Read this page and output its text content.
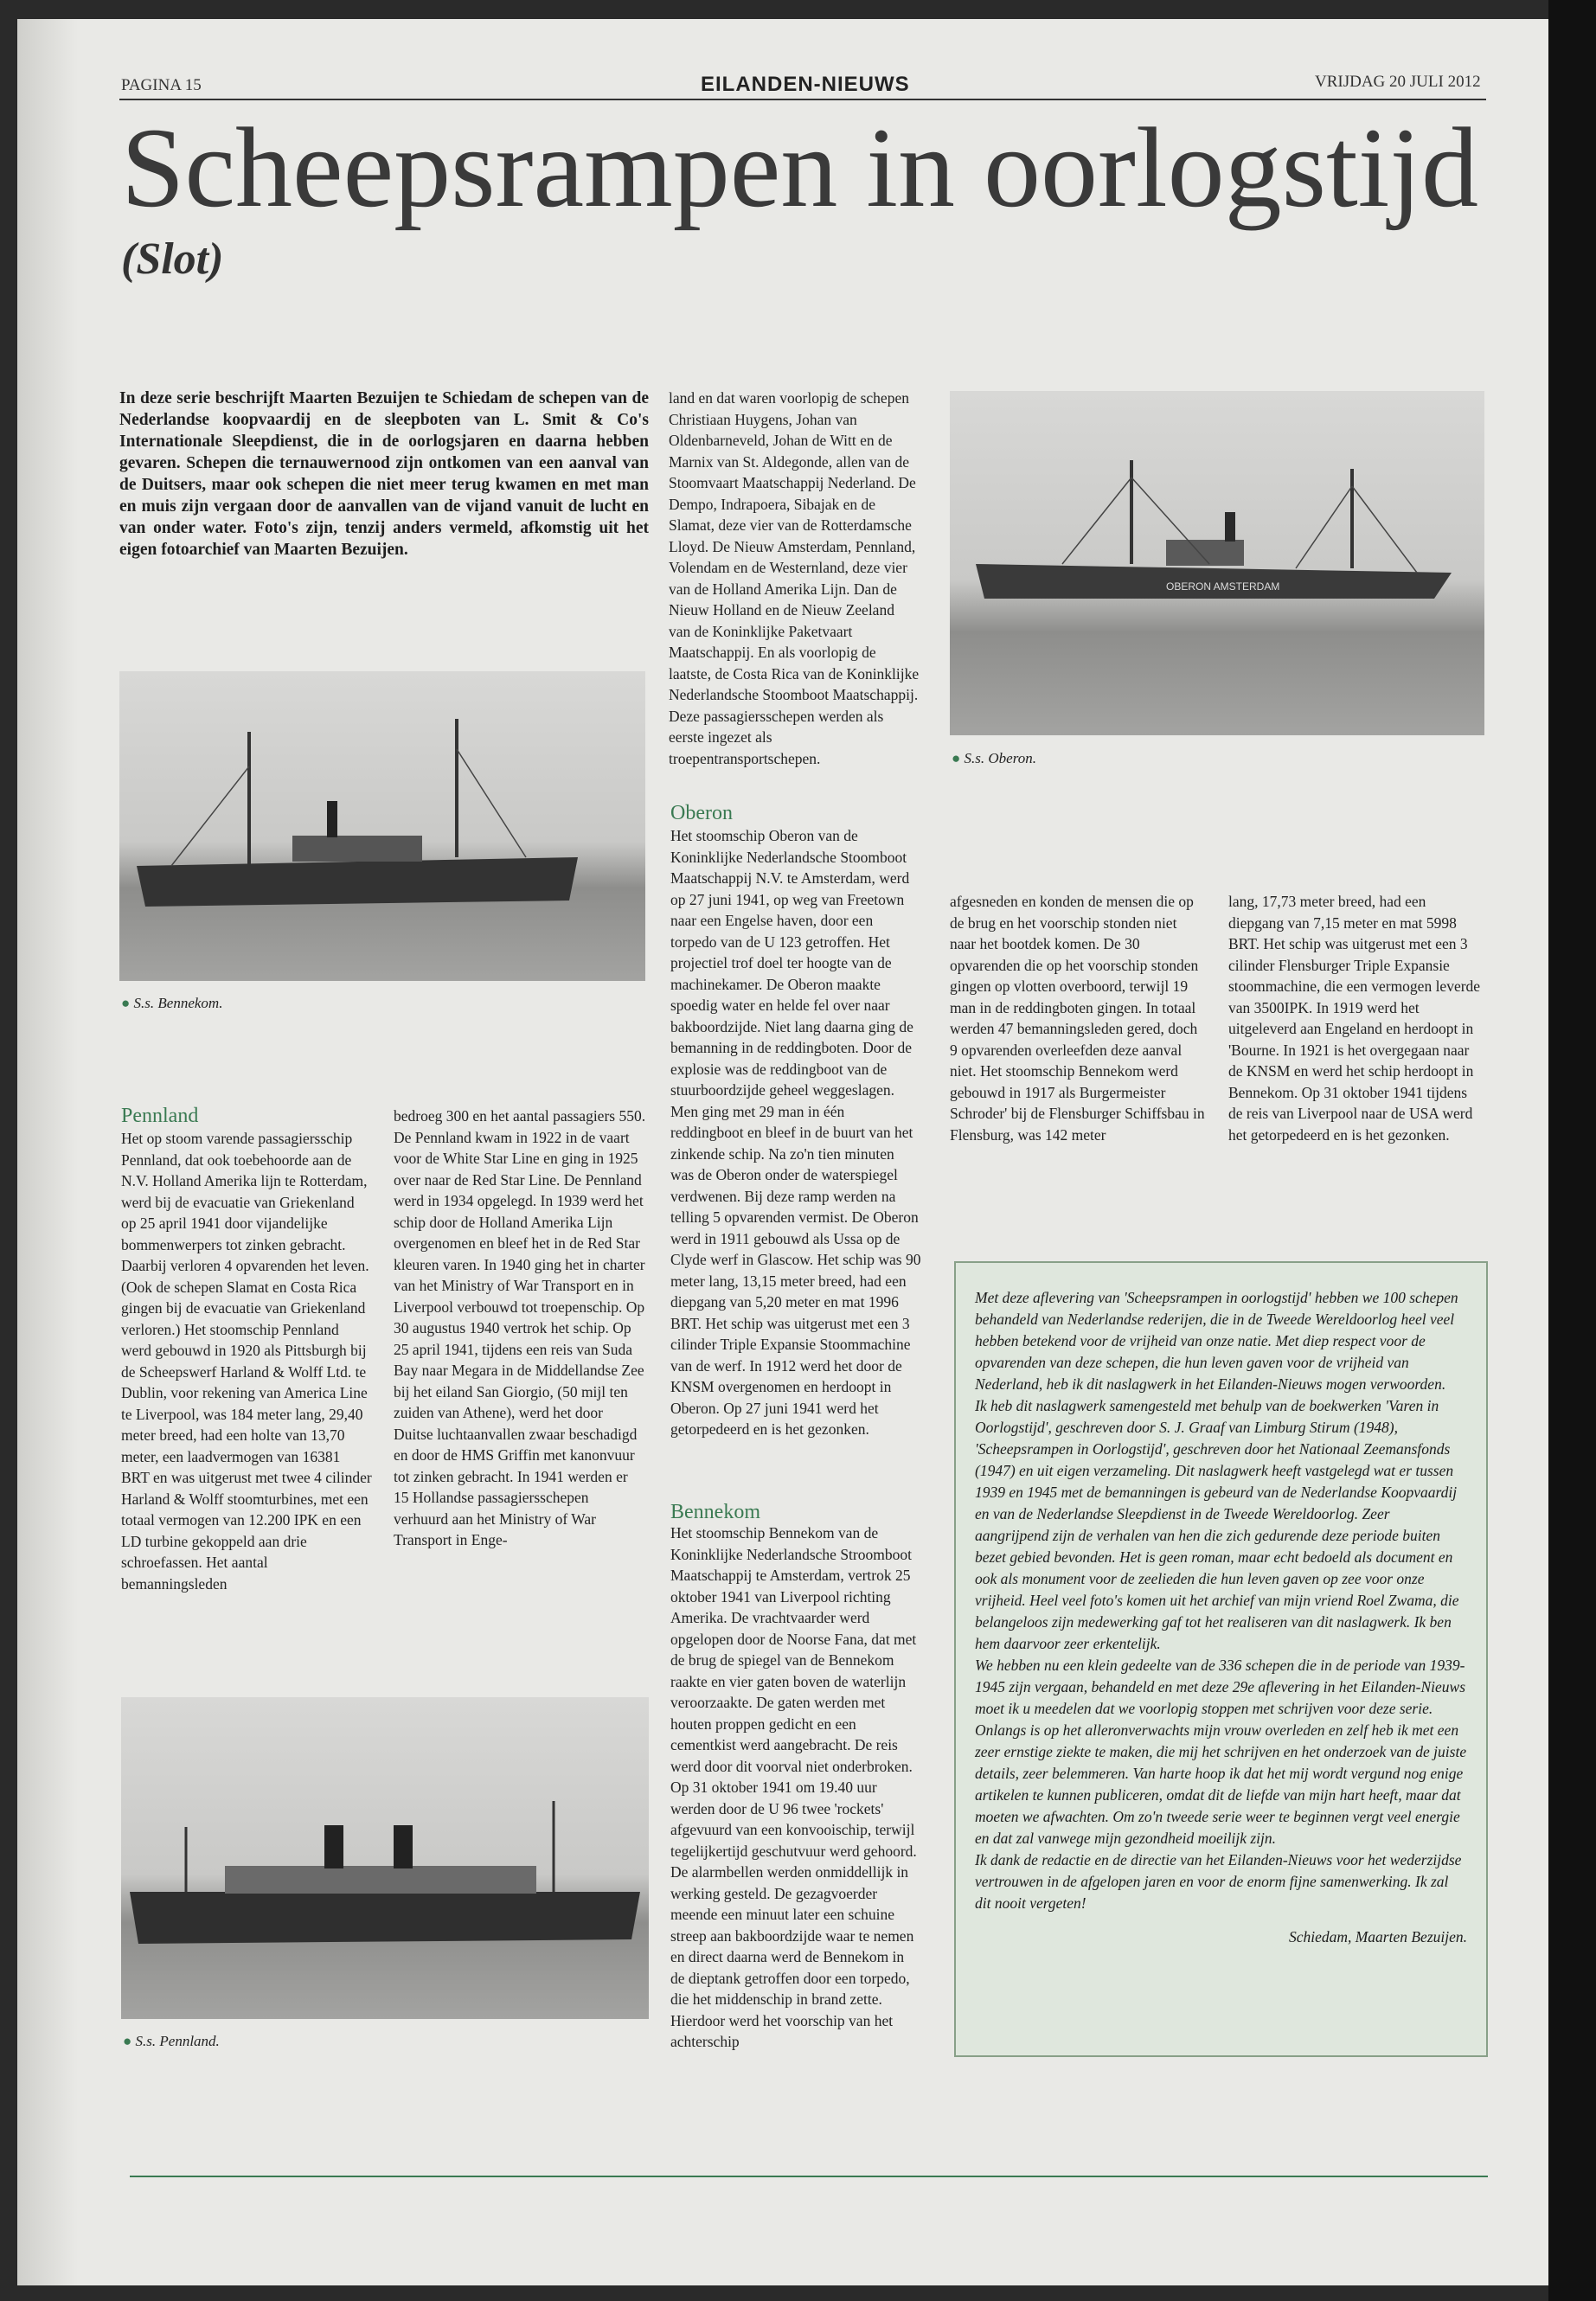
PAGINA 15	EILANDEN-NIEUWS	VRIJDAG 20 JULI 2012
Scheepsrampen in oorlogstijd
(Slot)
In deze serie beschrijft Maarten Bezuijen te Schiedam de schepen van de Nederlandse koopvaardij en de sleepboten van L. Smit & Co's Internationale Sleepdienst, die in de oorlogsjaren en daarna hebben gevaren. Schepen die ternauwernood zijn ontkomen van een aanval van de Duitsers, maar ook schepen die niet meer terug kwamen en met man en muis zijn vergaan door de aanvallen van de vijand vanuit de lucht en van onder water. Foto's zijn, tenzij anders vermeld, afkomstig uit het eigen fotoarchief van Maarten Bezuijen.
land en dat waren voorlopig de schepen Christiaan Huygens, Johan van Oldenbarneveld, Johan de Witt en de Marnix van St. Aldegonde, allen van de Stoomvaart Maatschappij Nederland. De Dempo, Indrapoera, Sibajak en de Slamat, deze vier van de Rotterdamsche Lloyd. De Nieuw Amsterdam, Pennland, Volendam en de Westernland, deze vier van de Holland Amerika Lijn. Dan de Nieuw Holland en de Nieuw Zeeland van de Koninklijke Paketvaart Maatschappij. En als voorlopig de laatste, de Costa Rica van de Koninklijke Nederlandsche Stoomboot Maatschappij. Deze passagiersschepen werden als eerste ingezet als troepentransportschepen.
OBERON AMSTERDAM
● S.s. Oberon.
● S.s. Bennekom.
Pennland
Het op stoom varende passagiersschip Pennland, dat ook toebehoorde aan de N.V. Holland Amerika lijn te Rotterdam, werd bij de evacuatie van Griekenland op 25 april 1941 door vijandelijke bommenwerpers tot zinken gebracht. Daarbij verloren 4 opvarenden het leven. (Ook de schepen Slamat en Costa Rica gingen bij de evacuatie van Griekenland verloren.) Het stoomschip Pennland werd gebouwd in 1920 als Pittsburgh bij de Scheepswerf Harland & Wolff Ltd. te Dublin, voor rekening van America Line te Liverpool, was 184 meter lang, 29,40 meter breed, had een holte van 13,70 meter, een laadvermogen van 16381 BRT en was uitgerust met twee 4 cilinder Harland & Wolff stoomturbines, met een totaal vermogen van 12.200 IPK en een LD turbine gekoppeld aan drie schroefassen. Het aantal bemanningsleden
bedroeg 300 en het aantal passagiers 550. De Pennland kwam in 1922 in de vaart voor de White Star Line en ging in 1925 over naar de Red Star Line. De Pennland werd in 1934 opgelegd. In 1939 werd het schip door de Holland Amerika Lijn overgenomen en bleef het in de Red Star kleuren varen. In 1940 ging het in charter van het Ministry of War Transport en in Liverpool verbouwd tot troepenschip. Op 30 augustus 1940 vertrok het schip. Op 25 april 1941, tijdens een reis van Suda Bay naar Megara in de Middellandse Zee bij het eiland San Giorgio, (50 mijl ten zuiden van Athene), werd het door Duitse luchtaanvallen zwaar beschadigd en door de HMS Griffin met kanonvuur tot zinken gebracht. In 1941 werden er 15 Hollandse passagiersschepen verhuurd aan het Ministry of War Transport in Enge-
Oberon
Het stoomschip Oberon van de Koninklijke Nederlandsche Stoomboot Maatschappij N.V. te Amsterdam, werd op 27 juni 1941, op weg van Freetown naar een Engelse haven, door een torpedo van de U 123 getroffen. Het projectiel trof doel ter hoogte van de machinekamer. De Oberon maakte spoedig water en helde fel over naar bakboordzijde. Niet lang daarna ging de bemanning in de reddingboten. Door de explosie was de reddingboot van de stuurboordzijde geheel weggeslagen. Men ging met 29 man in één reddingboot en bleef in de buurt van het zinkende schip. Na zo'n tien minuten was de Oberon onder de waterspiegel verdwenen. Bij deze ramp werden na telling 5 opvarenden vermist. De Oberon werd in 1911 gebouwd als Ussa op de Clyde werf in Glascow. Het schip was 90 meter lang, 13,15 meter breed, had een diepgang van 5,20 meter en mat 1996 BRT. Het schip was uitgerust met een 3 cilinder Triple Expansie Stoommachine van de werf. In 1912 werd het door de KNSM overgenomen en herdoopt in Oberon. Op 27 juni 1941 werd het getorpedeerd en is het gezonken.
Bennekom
Het stoomschip Bennekom van de Koninklijke Nederlandsche Stroomboot Maatschappij te Amsterdam, vertrok 25 oktober 1941 van Liverpool richting Amerika. De vrachtvaarder werd opgelopen door de Noorse Fana, dat met de brug de spiegel van de Bennekom raakte en vier gaten boven de waterlijn veroorzaakte. De gaten werden met houten proppen gedicht en een cementkist werd aangebracht. De reis werd door dit voorval niet onderbroken. Op 31 oktober 1941 om 19.40 uur werden door de U 96 twee 'rockets' afgevuurd van een konvooischip, terwijl tegelijkertijd geschutvuur werd gehoord. De alarmbellen werden onmiddellijk in werking gesteld. De gezagvoerder meende een minuut later een schuine streep aan bakboordzijde waar te nemen en direct daarna werd de Bennekom in de dieptank getroffen door een torpedo, die het middenschip in brand zette. Hierdoor werd het voorschip van het achterschip
afgesneden en konden de mensen die op de brug en het voorschip stonden niet naar het bootdek komen. De 30 opvarenden die op het voorschip stonden gingen op vlotten overboord, terwijl 19 man in de reddingboten gingen. In totaal werden 47 bemanningsleden gered, doch 9 opvarenden overleefden deze aanval niet. Het stoomschip Bennekom werd gebouwd in 1917 als Burgermeister Schroder' bij de Flensburger Schiffsbau in Flensburg, was 142 meter
lang, 17,73 meter breed, had een diepgang van 7,15 meter en mat 5998 BRT. Het schip was uitgerust met een 3 cilinder Flensburger Triple Expansie stoommachine, die een vermogen leverde van 3500IPK. In 1919 werd het uitgeleverd aan Engeland en herdoopt in 'Bourne. In 1921 is het overgegaan naar de KNSM en werd het schip herdoopt in Bennekom. Op 31 oktober 1941 tijdens de reis van Liverpool naar de USA werd het getorpedeerd en is het gezonken.
● S.s. Pennland.

Met deze aflevering van 'Scheepsrampen in oorlogstijd' hebben we 100 schepen behandeld van Nederlandse rederijen, die in de Tweede Wereldoorlog heel veel hebben betekend voor de vrijheid van onze natie. Met diep respect voor de opvarenden van deze schepen, die hun leven gaven voor de vrijheid van Nederland, heb ik dit naslagwerk in het Eilanden-Nieuws mogen verwoorden.

Ik heb dit naslagwerk samengesteld met behulp van de boekwerken 'Varen in Oorlogstijd', geschreven door S. J. Graaf van Limburg Stirum (1948), 'Scheepsrampen in Oorlogstijd', geschreven door het Nationaal Zeemansfonds (1947) en uit eigen verzameling. Dit naslagwerk heeft vastgelegd wat er tussen 1939 en 1945 met de bemanningen is gebeurd van de Nederlandse Koopvaardij en van de Nederlandse Sleepdienst in de Tweede Wereldoorlog. Zeer aangrijpend zijn de verhalen van hen die zich gedurende deze periode buiten bezet gebied bevonden. Het is geen roman, maar echt bedoeld als document en ook als monument voor de zeelieden die hun leven gaven op zee voor onze vrijheid. Heel veel foto's komen uit het archief van mijn vriend Roel Zwama, die belangeloos zijn medewerking gaf tot het realiseren van dit naslagwerk. Ik ben hem daarvoor zeer erkentelijk.

We hebben nu een klein gedeelte van de 336 schepen die in de periode van 1939-1945 zijn vergaan, behandeld en met deze 29e aflevering in het Eilanden-Nieuws moet ik u meedelen dat we voorlopig stoppen met schrijven voor deze serie. Onlangs is op het alleronverwachts mijn vrouw overleden en zelf heb ik met een zeer ernstige ziekte te maken, die mij het schrijven en het onderzoek van de juiste details, zeer belemmeren. Van harte hoop ik dat het mij wordt vergund nog enige artikelen te kunnen publiceren, omdat dit de liefde van mijn hart heeft, maar dat moeten we afwachten. Om zo'n tweede serie weer te beginnen vergt veel energie en dat zal vanwege mijn gezondheid moeilijk zijn.

Ik dank de redactie en de directie van het Eilanden-Nieuws voor het wederzijdse vertrouwen in de afgelopen jaren en voor de enorm fijne samenwerking. Ik zal dit nooit vergeten!

Schiedam, Maarten Bezuijen.
